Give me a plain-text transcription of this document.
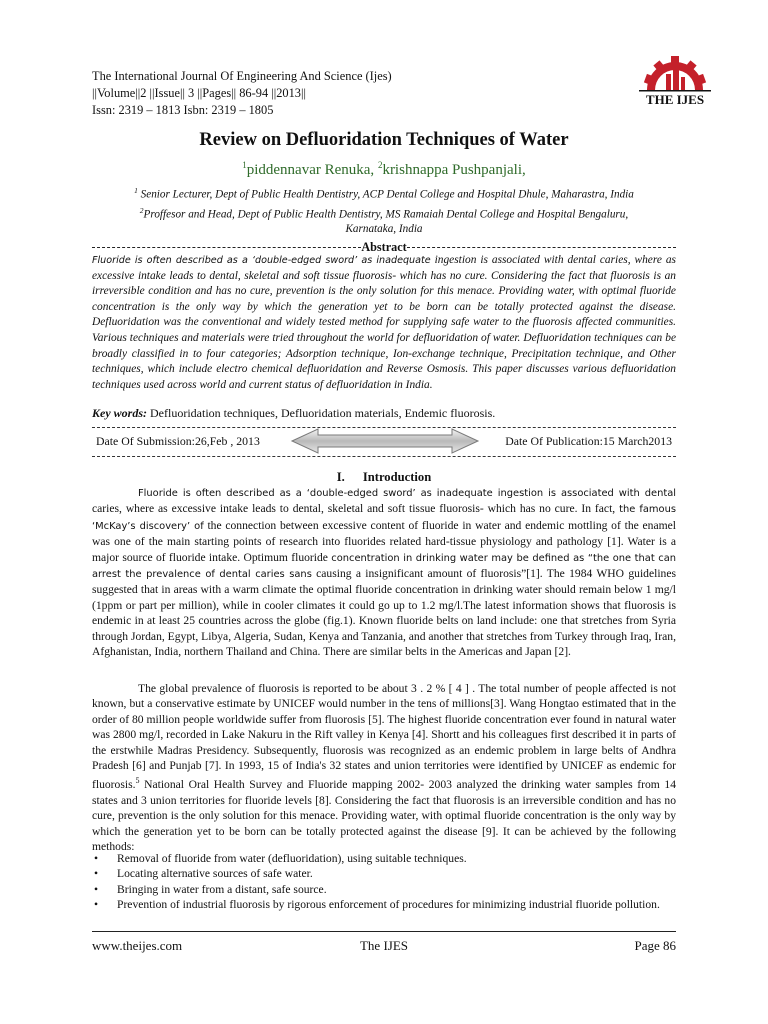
The International Journal Of Engineering And Science (Ijes)
||Volume||2 ||Issue|| 3 ||Pages|| 86-94 ||2013||
Issn: 2319 – 1813 Isbn: 2319 – 1805
THE IJES
Review on Defluoridation Techniques of Water
$^1$piddennavar Renuka, $^2$krishnappa Pushpanjali,
$^1$ Senior Lecturer, Dept of Public Health Dentistry, ACP Dental College and Hospital Dhule, Maharastra, India
$^2$Proffesor and Head, Dept of Public Health Dentistry, MS Ramaiah Dental College and Hospital Bengaluru,
Karnataka, India
Abstract
Fluoride is often described as a ‘double-edged sword’ as inadequate ingestion is associated with dental caries, where as excessive intake leads to dental, skeletal and soft tissue fluorosis- which has no cure. Considering the fact that fluorosis is an irreversible condition and has no cure, prevention is the only solution for this menace. Providing water, with optimal fluoride concentration is the only way by which the generation yet to be born can be totally protected against the disease. Defluoridation was the conventional and widely tested method for supplying safe water to the fluorosis affected communities. Various techniques and materials were tried throughout the world for defluoridation of water. Defluoridation techniques can be broadly classified in to four categories; Adsorption technique, Ion-exchange technique, Precipitation technique, and Other techniques, which include electro chemical defluoridation and Reverse Osmosis. This paper discusses various defluoridation techniques used across world and current status of defluoridation in India.
Key words: Defluoridation techniques, Defluoridation materials, Endemic fluorosis.
Date Of Submission:26,Feb , 2013	Date Of Publication:15 March2013
I. Introduction
Fluoride is often described as a ‘double-edged sword’ as inadequate ingestion is associated with dental caries, where as excessive intake leads to dental, skeletal and soft tissue fluorosis- which has no cure. In fact, the famous ‘McKay’s discovery’ of the connection between excessive content of fluoride in water and endemic mottling of the enamel was one of the main starting points of research into fluorides related hard-tissue physiology and pathology [1]. Water is a major source of fluoride intake. Optimum fluoride concentration in drinking water may be defined as “the one that can arrest the prevalence of dental caries sans causing a insignificant amount of fluorosis”[1]. The 1984 WHO guidelines suggested that in areas with a warm climate the optimal fluoride concentration in drinking water should remain below 1 mg/l (1ppm or part per million), while in cooler climates it could go up to 1.2 mg/l.The latest information shows that fluorosis is endemic in at least 25 countries across the globe (fig.1). Known fluoride belts on land include: one that stretches from Syria through Jordan, Egypt, Libya, Algeria, Sudan, Kenya and Tanzania, and another that stretches from Turkey through Iraq, Iran, Afghanistan, India, northern Thailand and China. There are similar belts in the Americas and Japan [2].
The global prevalence of fluorosis is reported to be about 3 . 2 % [ 4 ] . The total number of people affected is not known, but a conservative estimate by UNICEF would number in the tens of millions[3]. Wang Hongtao estimated that in the order of 80 million people worldwide suffer from fluorosis [5]. The highest fluoride concentration ever found in natural water was 2800 mg/l, recorded in Lake Nakuru in the Rift valley in Kenya [4]. Shortt and his colleagues first described it in parts of the erstwhile Madras Presidency. Subsequently, fluorosis was recognized as an endemic problem in large belts of Andhra Pradesh [6] and Punjab [7]. In 1993, 15 of India's 32 states and union territories were identified by UNICEF as endemic for fluorosis.$^5$ National Oral Health Survey and Fluoride mapping 2002- 2003 analyzed the drinking water samples from 14 states and 3 union territories for fluoride levels [8]. Considering the fact that fluorosis is an irreversible condition and has no cure, prevention is the only solution for this menace. Providing water, with optimal fluoride concentration is the only way by which the generation yet to be born can be totally protected against the disease [9]. It can be achieved by the following methods:
• Removal of fluoride from water (defluoridation), using suitable techniques.
• Locating alternative sources of safe water.
• Bringing in water from a distant, safe source.
• Prevention of industrial fluorosis by rigorous enforcement of procedures for minimizing industrial fluoride pollution.
www.theijes.com	The IJES	Page 86
